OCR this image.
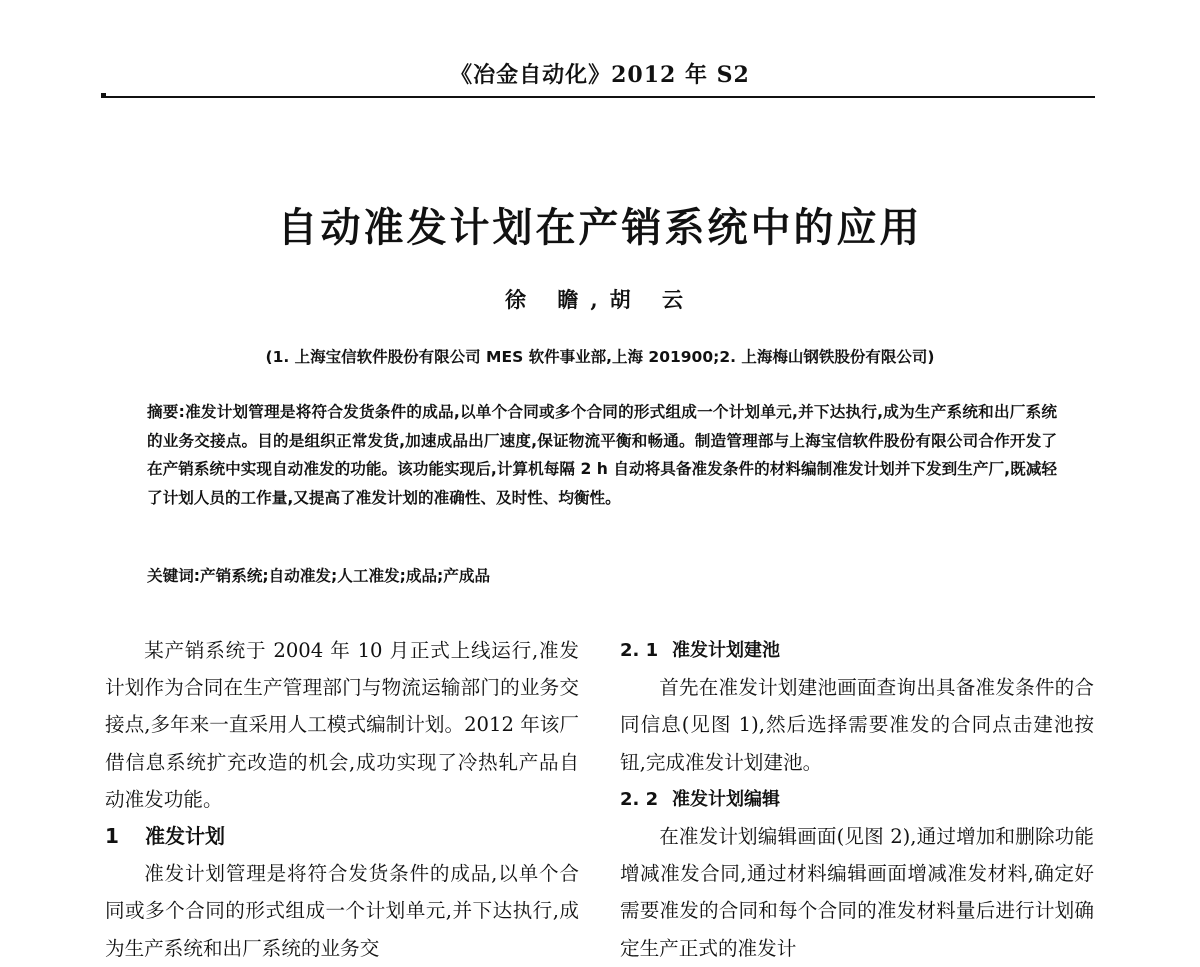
《冶金自动化》2012 年 S2
自动准发计划在产销系统中的应用
徐 瞻,胡 云
(1. 上海宝信软件股份有限公司 MES 软件事业部,上海 201900;2. 上海梅山钢铁股份有限公司)
摘要:准发计划管理是将符合发货条件的成品,以单个合同或多个合同的形式组成一个计划单元,并下达执行,成为生产系统和出厂系统的业务交接点。目的是组织正常发货,加速成品出厂速度,保证物流平衡和畅通。制造管理部与上海宝信软件股份有限公司合作开发了在产销系统中实现自动准发的功能。该功能实现后,计算机每隔 2 h 自动将具备准发条件的材料编制准发计划并下发到生产厂,既减轻了计划人员的工作量,又提高了准发计划的准确性、及时性、均衡性。
关键词:产销系统;自动准发;人工准发;成品;产成品

某产销系统于 2004 年 10 月正式上线运行,准发计划作为合同在生产管理部门与物流运输部门的业务交接点,多年来一直采用人工模式编制计划。2012 年该厂借信息系统扩充改造的机会,成功实现了冷热轧产品自动准发功能。

1 准发计划

准发计划管理是将符合发货条件的成品,以单个合同或多个合同的形式组成一个计划单元,并下达执行,成为生产系统和出厂系统的业务交

2. 1 准发计划建池

首先在准发计划建池画面查询出具备准发条件的合同信息(见图 1),然后选择需要准发的合同点击建池按钮,完成准发计划建池。

2. 2 准发计划编辑

在准发计划编辑画面(见图 2),通过增加和删除功能增减准发合同,通过材料编辑画面增减准发材料,确定好需要准发的合同和每个合同的准发材料量后进行计划确定生产正式的准发计
